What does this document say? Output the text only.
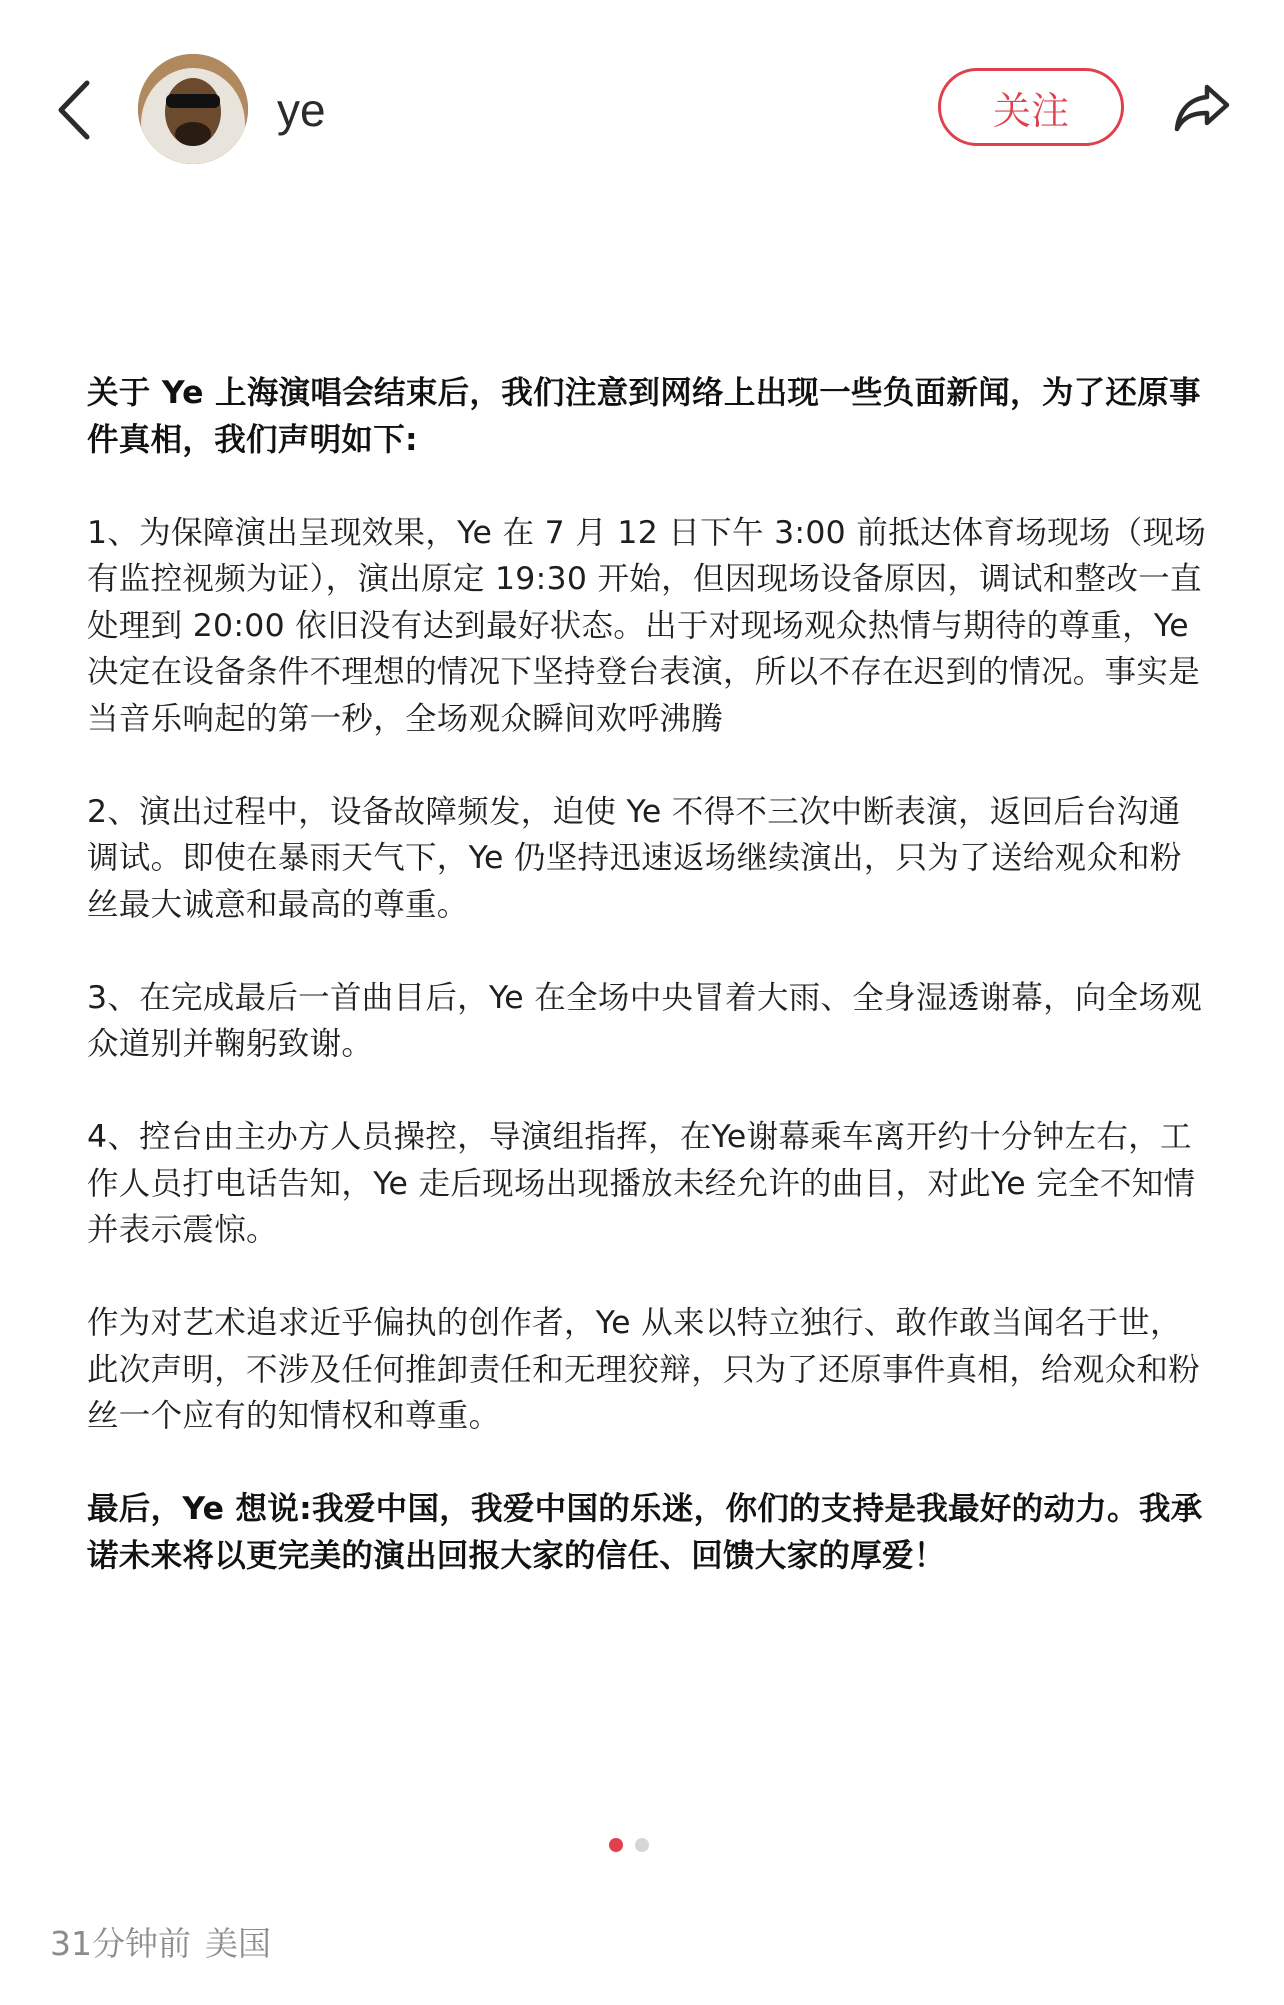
ye	关注

关于 Ye 上海演唱会结束后，我们注意到网络上出现一些负面新闻，为了还原事件真相，我们声明如下:

1、为保障演出呈现效果，Ye 在 7 月 12 日下午 3:00 前抵达体育场现场（现场有监控视频为证），演出原定 19:30 开始，但因现场设备原因，调试和整改一直处理到 20:00 依旧没有达到最好状态。出于对现场观众热情与期待的尊重，Ye 决定在设备条件不理想的情况下坚持登台表演，所以不存在迟到的情况。事实是当音乐响起的第一秒，全场观众瞬间欢呼沸腾

2、演出过程中，设备故障频发，迫使 Ye 不得不三次中断表演，返回后台沟通调试。即使在暴雨天气下，Ye 仍坚持迅速返场继续演出，只为了送给观众和粉丝最大诚意和最高的尊重。

3、在完成最后一首曲目后，Ye 在全场中央冒着大雨、全身湿透谢幕，向全场观众道别并鞠躬致谢。

4、控台由主办方人员操控，导演组指挥，在Ye谢幕乘车离开约十分钟左右，工作人员打电话告知，Ye 走后现场出现播放未经允许的曲目，对此Ye 完全不知情并表示震惊。

作为对艺术追求近乎偏执的创作者，Ye 从来以特立独行、敢作敢当闻名于世，此次声明，不涉及任何推卸责任和无理狡辩，只为了还原事件真相，给观众和粉丝一个应有的知情权和尊重。

最后，Ye 想说:我爱中国，我爱中国的乐迷，你们的支持是我最好的动力。我承诺未来将以更完美的演出回报大家的信任、回馈大家的厚爱！

31分钟前 美国
